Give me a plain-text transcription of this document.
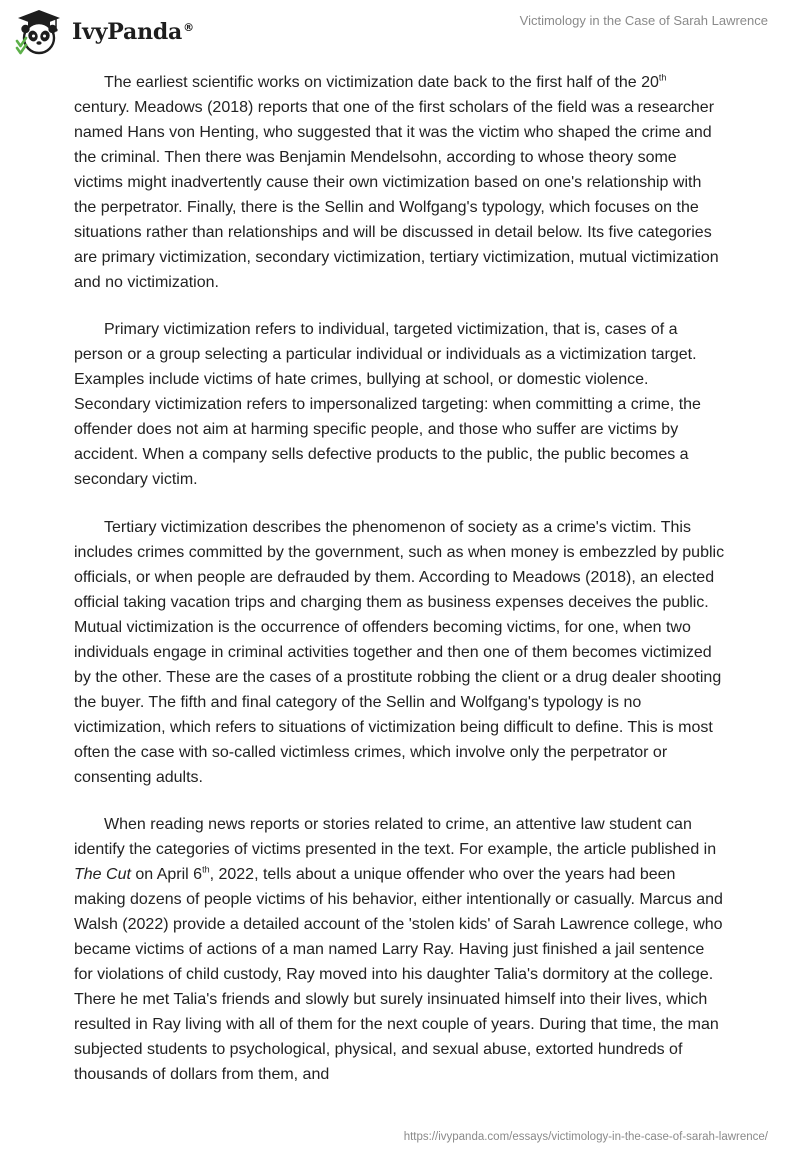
IvyPanda®	Victimology in the Case of Sarah Lawrence

The earliest scientific works on victimization date back to the first half of the 20th century. Meadows (2018) reports that one of the first scholars of the field was a researcher named Hans von Henting, who suggested that it was the victim who shaped the crime and the criminal. Then there was Benjamin Mendelsohn, according to whose theory some victims might inadvertently cause their own victimization based on one's relationship with the perpetrator. Finally, there is the Sellin and Wolfgang's typology, which focuses on the situations rather than relationships and will be discussed in detail below. Its five categories are primary victimization, secondary victimization, tertiary victimization, mutual victimization and no victimization.

Primary victimization refers to individual, targeted victimization, that is, cases of a person or a group selecting a particular individual or individuals as a victimization target. Examples include victims of hate crimes, bullying at school, or domestic violence. Secondary victimization refers to impersonalized targeting: when committing a crime, the offender does not aim at harming specific people, and those who suffer are victims by accident. When a company sells defective products to the public, the public becomes a secondary victim.

Tertiary victimization describes the phenomenon of society as a crime's victim. This includes crimes committed by the government, such as when money is embezzled by public officials, or when people are defrauded by them. According to Meadows (2018), an elected official taking vacation trips and charging them as business expenses deceives the public. Mutual victimization is the occurrence of offenders becoming victims, for one, when two individuals engage in criminal activities together and then one of them becomes victimized by the other. These are the cases of a prostitute robbing the client or a drug dealer shooting the buyer. The fifth and final category of the Sellin and Wolfgang's typology is no victimization, which refers to situations of victimization being difficult to define. This is most often the case with so-called victimless crimes, which involve only the perpetrator or consenting adults.

When reading news reports or stories related to crime, an attentive law student can identify the categories of victims presented in the text. For example, the article published in The Cut on April 6th, 2022, tells about a unique offender who over the years had been making dozens of people victims of his behavior, either intentionally or casually. Marcus and Walsh (2022) provide a detailed account of the 'stolen kids' of Sarah Lawrence college, who became victims of actions of a man named Larry Ray. Having just finished a jail sentence for violations of child custody, Ray moved into his daughter Talia's dormitory at the college. There he met Talia's friends and slowly but surely insinuated himself into their lives, which resulted in Ray living with all of them for the next couple of years. During that time, the man subjected students to psychological, physical, and sexual abuse, extorted hundreds of thousands of dollars from them, and

https://ivypanda.com/essays/victimology-in-the-case-of-sarah-lawrence/
